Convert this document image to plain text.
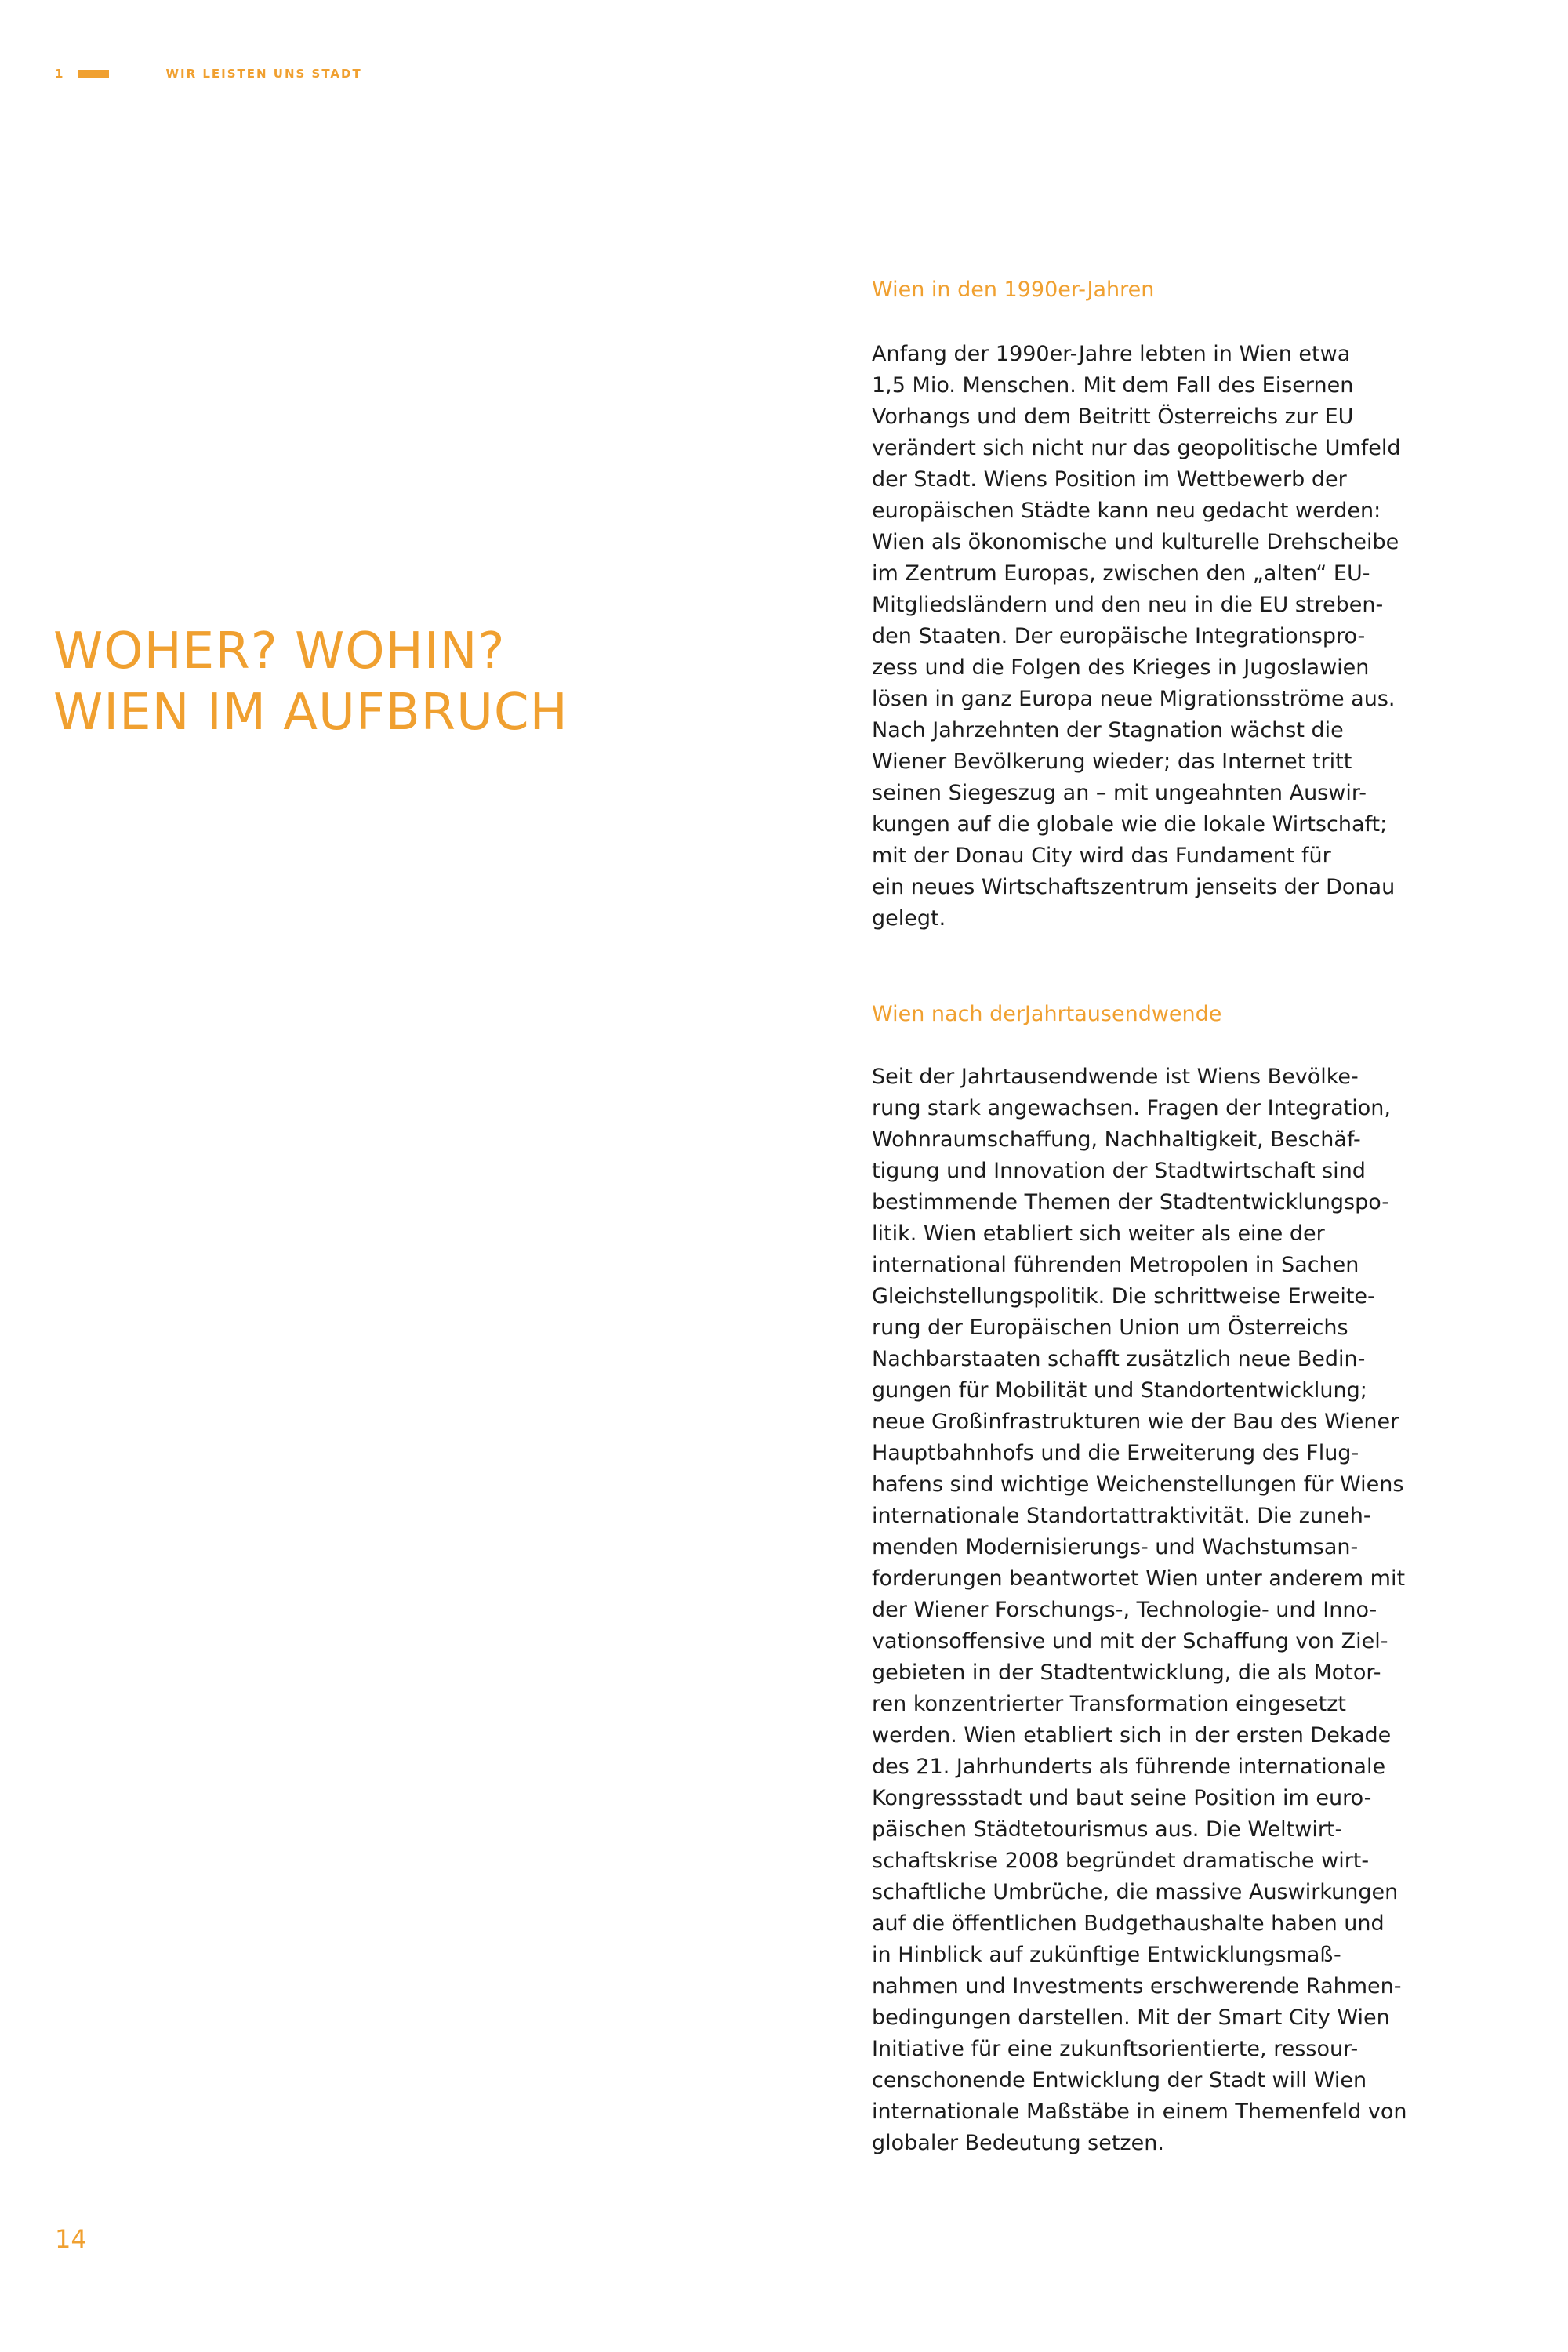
1	WIR LEISTEN UNS STADT
WOHER? WOHIN?
WIEN IM AUFBRUCH
Wien in den 1990er-Jahren

Anfang der 1990er-Jahre lebten in Wien etwa
1,5 Mio. Menschen. Mit dem Fall des Eisernen
Vorhangs und dem Beitritt Österreichs zur EU
verändert sich nicht nur das geopolitische Umfeld
der Stadt. Wiens Position im Wettbewerb der
europäischen Städte kann neu gedacht werden:
Wien als ökonomische und kulturelle Drehscheibe
im Zentrum Europas, zwischen den „alten“ EU-
Mitgliedsländern und den neu in die EU streben-
den Staaten. Der europäische Integrationspro-
zess und die Folgen des Krieges in Jugoslawien
lösen in ganz Europa neue Migrationsströme aus.
Nach Jahrzehnten der Stagnation wächst die
Wiener Bevölkerung wieder; das Internet tritt
seinen Siegeszug an – mit ungeahnten Auswir-
kungen auf die globale wie die lokale Wirtschaft;
mit der Donau City wird das Fundament für
ein neues Wirtschaftszentrum jenseits der Donau
gelegt.

Wien nach derJahrtausendwende

Seit der Jahrtausendwende ist Wiens Bevölke-
rung stark angewachsen. Fragen der Integration,
Wohnraumschaffung, Nachhaltigkeit, Beschäf-
tigung und Innovation der Stadtwirtschaft sind
bestimmende Themen der Stadtentwicklungspo-
litik. Wien etabliert sich weiter als eine der
international führenden Metropolen in Sachen
Gleichstellungspolitik. Die schrittweise Erweite-
rung der Europäischen Union um Österreichs
Nachbarstaaten schafft zusätzlich neue Bedin-
gungen für Mobilität und Standortentwicklung;
neue Großinfrastrukturen wie der Bau des Wiener
Hauptbahnhofs und die Erweiterung des Flug-
hafens sind wichtige Weichenstellungen für Wiens
internationale Standortattraktivität. Die zuneh-
menden Modernisierungs- und Wachstumsan-
forderungen beantwortet Wien unter anderem mit
der Wiener Forschungs-, Technologie- und Inno-
vationsoffensive und mit der Schaffung von Ziel-
gebieten in der Stadtentwicklung, die als Motor-
ren konzentrierter Transformation eingesetzt
werden. Wien etabliert sich in der ersten Dekade
des 21. Jahrhunderts als führende internationale
Kongressstadt und baut seine Position im euro-
päischen Städtetourismus aus. Die Weltwirt-
schaftskrise 2008 begründet dramatische wirt-
schaftliche Umbrüche, die massive Auswirkungen
auf die öffentlichen Budgethaushalte haben und
in Hinblick auf zukünftige Entwicklungsmaß-
nahmen und Investments erschwerende Rahmen-
bedingungen darstellen. Mit der Smart City Wien
Initiative für eine zukunftsorientierte, ressour-
censchonende Entwicklung der Stadt will Wien
internationale Maßstäbe in einem Themenfeld von
globaler Bedeutung setzen.

14
